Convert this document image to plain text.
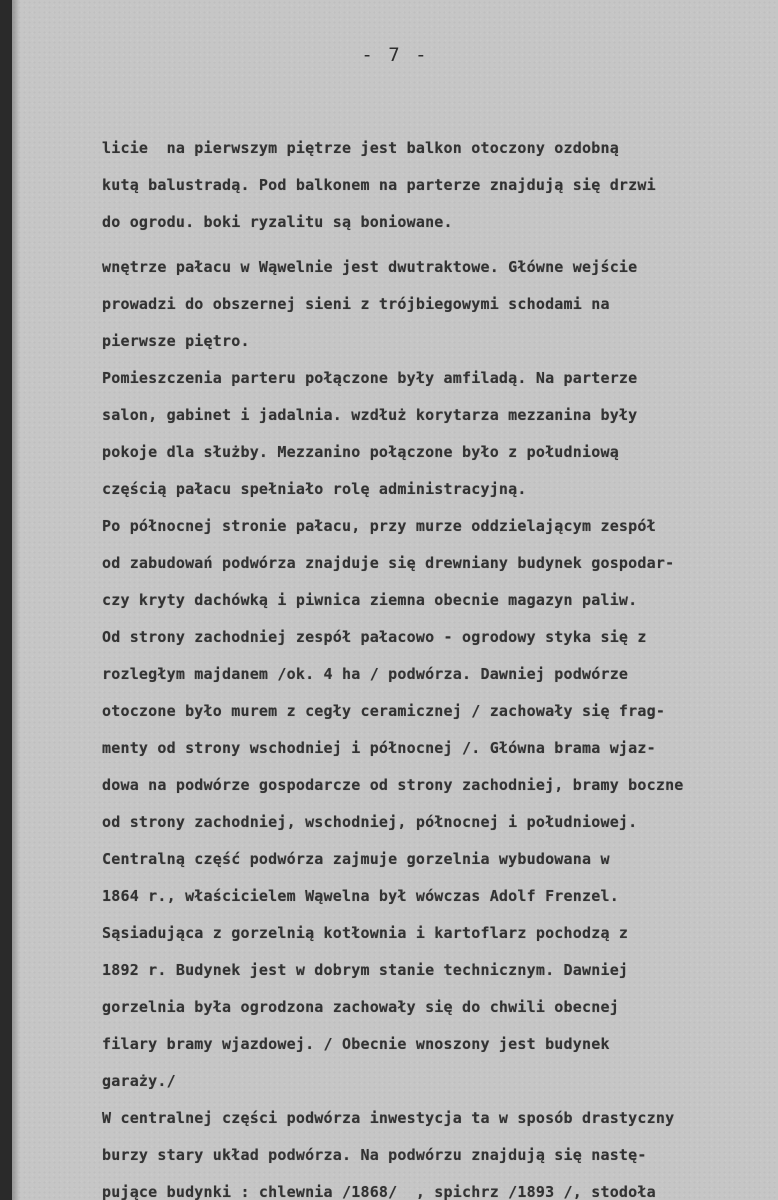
- 7 -
licie  na pierwszym piętrze jest balkon otoczony ozdobną
kutą balustradą. Pod balkonem na parterze znajdują się drzwi
do ogrodu. boki ryzalitu są boniowane.
wnętrze pałacu w Wąwelnie jest dwutraktowe. Główne wejście
prowadzi do obszernej sieni z trójbiegowymi schodami na
pierwsze piętro.
Pomieszczenia parteru połączone były amfiladą. Na parterze
salon, gabinet i jadalnia. wzdłuż korytarza mezzanina były
pokoje dla służby. Mezzanino połączone było z południową
częścią pałacu spełniało rolę administracyjną.
Po północnej stronie pałacu, przy murze oddzielającym zespół
od zabudowań podwórza znajduje się drewniany budynek gospodar-
czy kryty dachówką i piwnica ziemna obecnie magazyn paliw.
Od strony zachodniej zespół pałacowo - ogrodowy styka się z
rozległym majdanem /ok. 4 ha / podwórza. Dawniej podwórze
otoczone było murem z cegły ceramicznej / zachowały się frag-
menty od strony wschodniej i północnej /. Główna brama wjaz-
dowa na podwórze gospodarcze od strony zachodniej, bramy boczne
od strony zachodniej, wschodniej, północnej i południowej.
Centralną część podwórza zajmuje gorzelnia wybudowana w
1864 r., właścicielem Wąwelna był wówczas Adolf Frenzel.
Sąsiadująca z gorzelnią kotłownia i kartoflarz pochodzą z
1892 r. Budynek jest w dobrym stanie technicznym. Dawniej
gorzelnia była ogrodzona zachowały się do chwili obecnej
filary bramy wjazdowej. / Obecnie wnoszony jest budynek
garaży./
W centralnej części podwórza inwestycja ta w sposób drastyczny
burzy stary układ podwórza. Na podwórzu znajdują się nastę-
pujące budynki : chlewnia /1868/  , spichrz /1893 /, stodoła
